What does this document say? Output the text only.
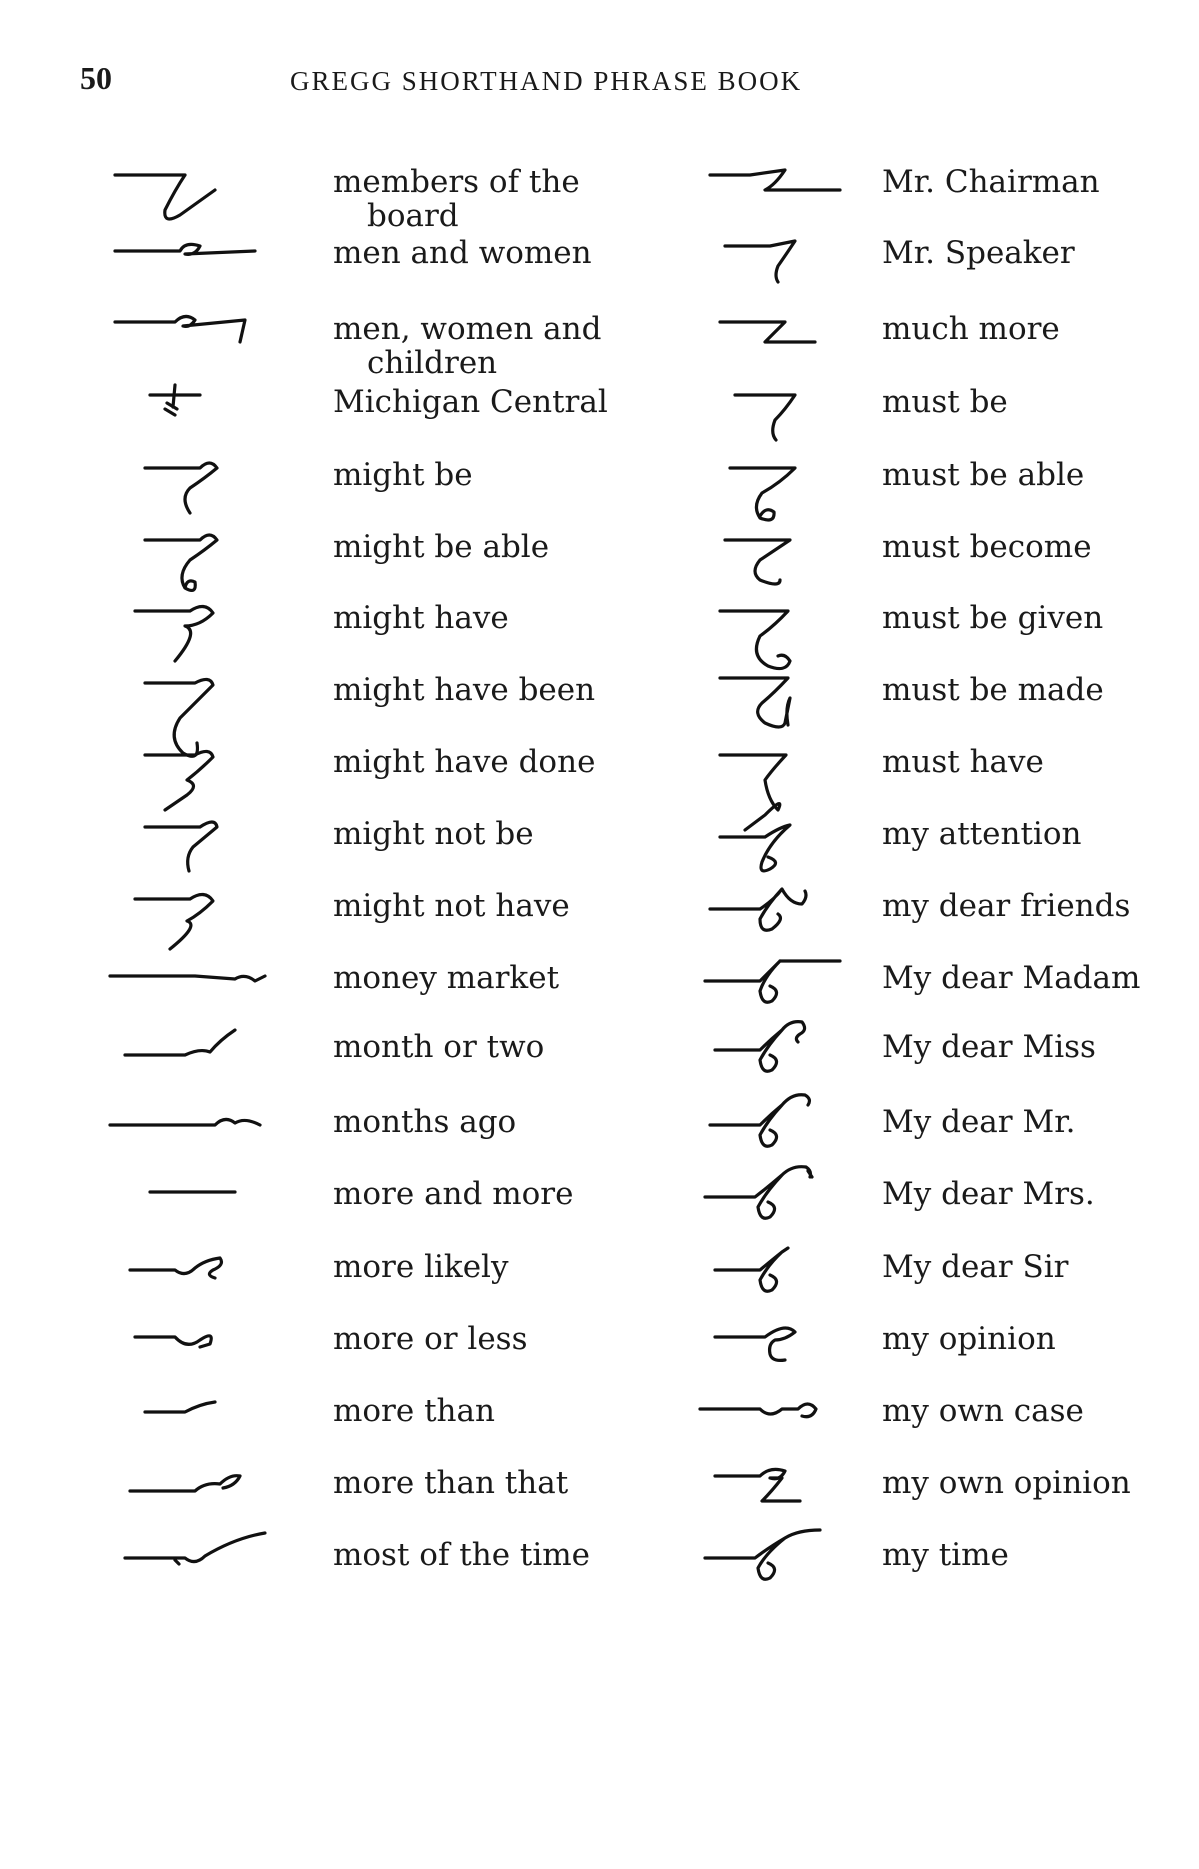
50	GREGG SHORTHAND PHRASE BOOK
members of the
board
men and women
men, women and
children
Michigan Central
might be
might be able
might have
might have been
might have done
might not be
might not have
money market
month or two
months ago
more and more
more likely
more or less
more than
more than that
most of the time
Mr. Chairman
Mr. Speaker
much more
must be
must be able
must become
must be given
must be made
must have
my attention
my dear friends
My dear Madam
My dear Miss
My dear Mr.
My dear Mrs.
My dear Sir
my opinion
my own case
my own opinion
my time
